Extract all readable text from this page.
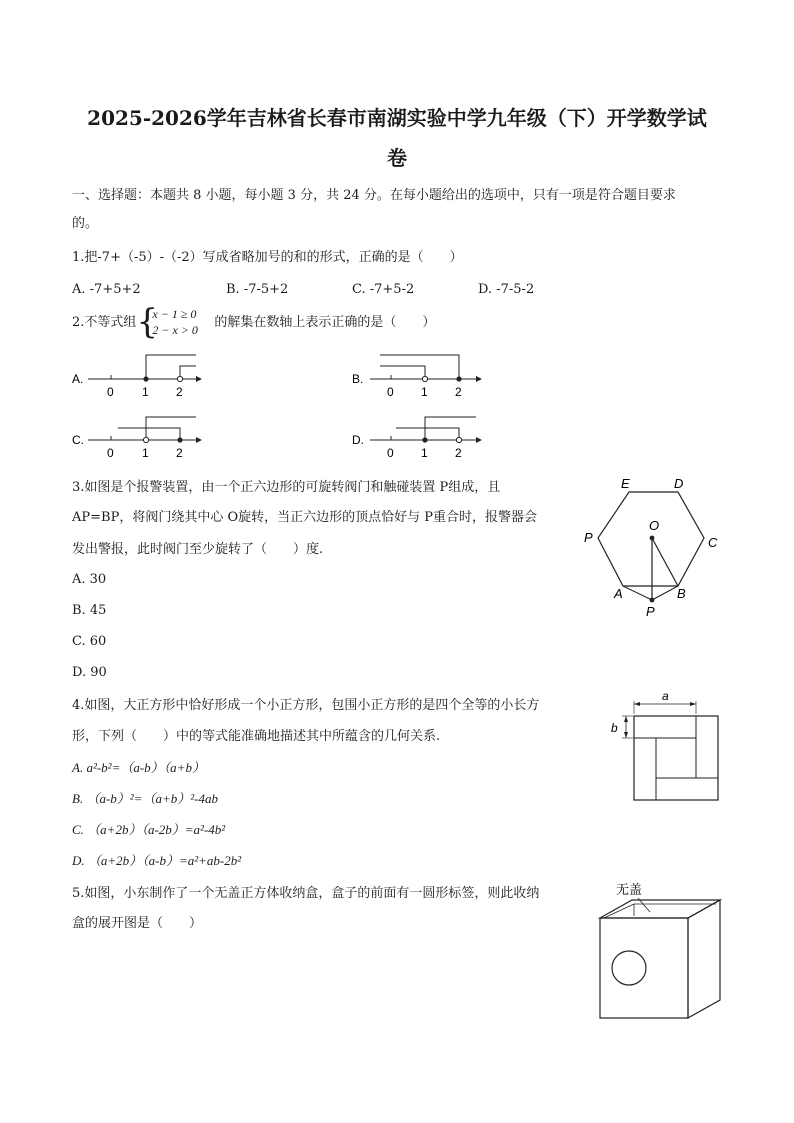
2025-2026学年吉林省长春市南湖实验中学九年级（下）开学数学试
卷
一、选择题：本题共 8 小题，每小题 3 分，共 24 分。在每小题给出的选项中，只有一项是符合题目要求
的。
1.把-7+（-5）-（-2）写成省略加号的和的形式，正确的是（　　）
A. -7+5+2	B. -7-5+2	C. -7+5-2	D. -7-5-2
2.不等式组 {
x − 1 ≥ 0
2 − x > 0 的解集在数轴上表示正确的是（　　）
A.
0 1 2
B.
0 1 2
C.
0 1 2
D.
0 1 2
3.如图是个报警装置，由一个正六边形的可旋转阀门和触碰装置 P组成，且
AP=BP，将阀门绕其中心 O旋转，当正六边形的顶点恰好与 P重合时，报警器会
发出警报，此时阀门至少旋转了（　　）度.
A. 30
B. 45
C. 60
D. 90
E	D
C
B
A
P
P
O
4.如图，大正方形中恰好形成一个小正方形，包围小正方形的是四个全等的小长方
形，下列（　　）中的等式能准确地描述其中所蕴含的几何关系.
A. a²-b²=（a-b）（a+b）
B. （a-b）²=（a+b）²-4ab
C. （a+2b）（a-2b）=a²-4b²
D. （a+2b）（a-b）=a²+ab-2b²
a
b
5.如图，小东制作了一个无盖正方体收纳盒，盒子的前面有一圆形标签，则此收纳
盒的展开图是（　　）
无盖
